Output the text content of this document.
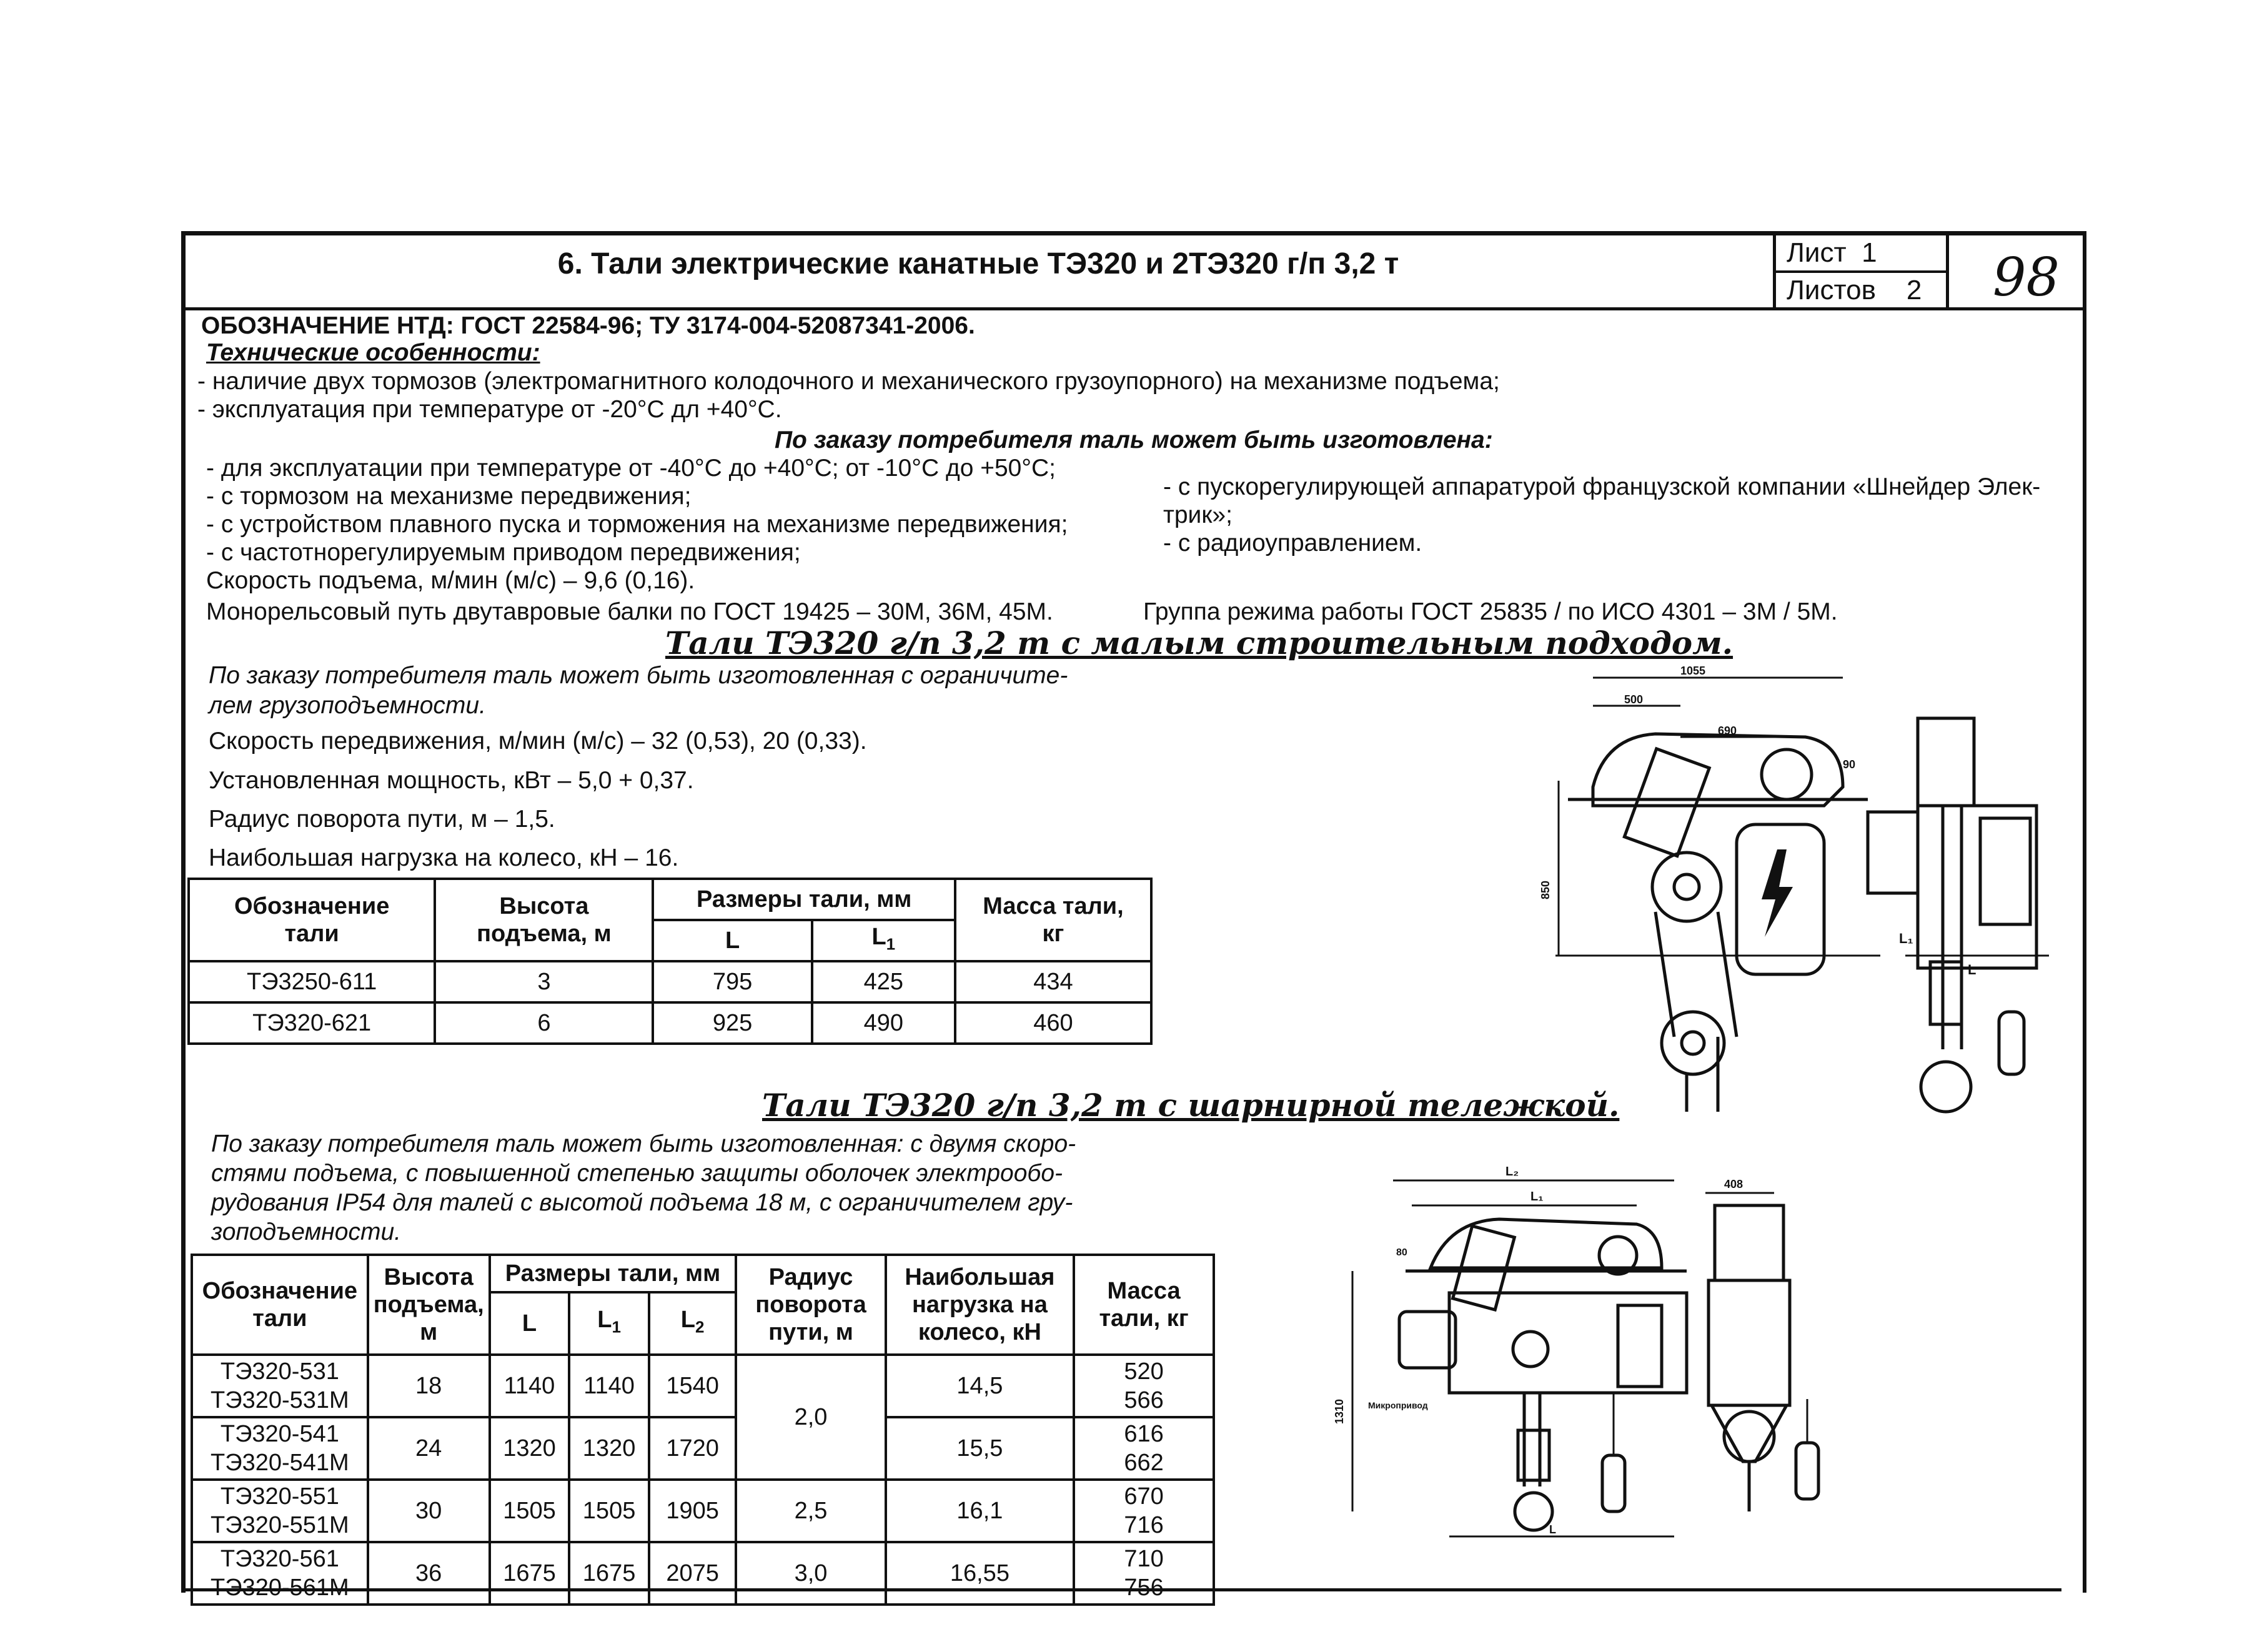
6. Тали электрические канатные ТЭ320 и 2ТЭ320 г/п 3,2 т	Лист 1
Листов 2 98
ОБОЗНАЧЕНИЕ НТД: ГОСТ 22584-96; ТУ 3174-004-52087341-2006.
Технические особенности:
- наличие двух тормозов (электромагнитного колодочного и механического грузоупорного) на механизме подъема;
- эксплуатация при температуре от -20°С дл +40°С.
По заказу потребителя таль может быть изготовлена:
- для эксплуатации при температуре от -40°С до +40°С; от -10°С до +50°С;
- с тормозом на механизме передвижения;
- с устройством плавного пуска и торможения на механизме передвижения;
- с частотнорегулируемым приводом передвижения;
- с пускорегулирующей аппаратурой французской компании «Шнейдер Элек-
трик»;
- с радиоуправлением.
Скорость подъема, м/мин (м/с) – 9,6 (0,16).
Монорельсовый путь двутавровые балки по ГОСТ 19425 – 30М, 36М, 45М.	Группа режима работы ГОСТ 25835 / по ИСО 4301 – 3М / 5М.
Тали ТЭ320 г/п 3,2 т с малым строительным подходом.
По заказу потребителя таль может быть изготовленная с ограничите-
лем грузоподъемности.
Скорость передвижения, м/мин (м/с) – 32 (0,53), 20 (0,33).
Установленная мощность, кВт – 5,0 + 0,37.
Радиус поворота пути, м – 1,5.
Наибольшая нагрузка на колесо, кН – 16.
Обозначение
тали	Высота
подъема, м	Размеры тали, мм		Масса тали,
кг
		L	$L_1$
ТЭ3250-611	3	795	425	434
ТЭ320-621	6	925	490	460
1055
500
690
90
850
L₁
L
Тали ТЭ320 г/п 3,2 т с шарнирной тележкой.
По заказу потребителя таль может быть изготовленная: с двумя скоро-
стями подъема, с повышенной степенью защиты оболочек электрообо-
рудования IP54 для талей с высотой подъема 18 м, с ограничителем гру-
зоподъемности.
Обозначение
тали	Высота
подъема,
м	Размеры тали, мм			Радиус
поворота
пути, м	Наибольшая
нагрузка на
колесо, кН	Масса
тали, кг
		L	$L_1$	$L_2$
ТЭ320-531
ТЭ320-531М	18	1140	1140	1540	2,0	14,5	520
566
ТЭ320-541
ТЭ320-541М	24	1320	1320	1720		15,5	616
662
ТЭ320-551
ТЭ320-551М	30	1505	1505	1905	2,5	16,1	670
716
ТЭ320-561
ТЭ320-561М	36	1675	1675	2075	3,0	16,55	710
756
L₂
L₁
408
80
1310	Микропривод
L
